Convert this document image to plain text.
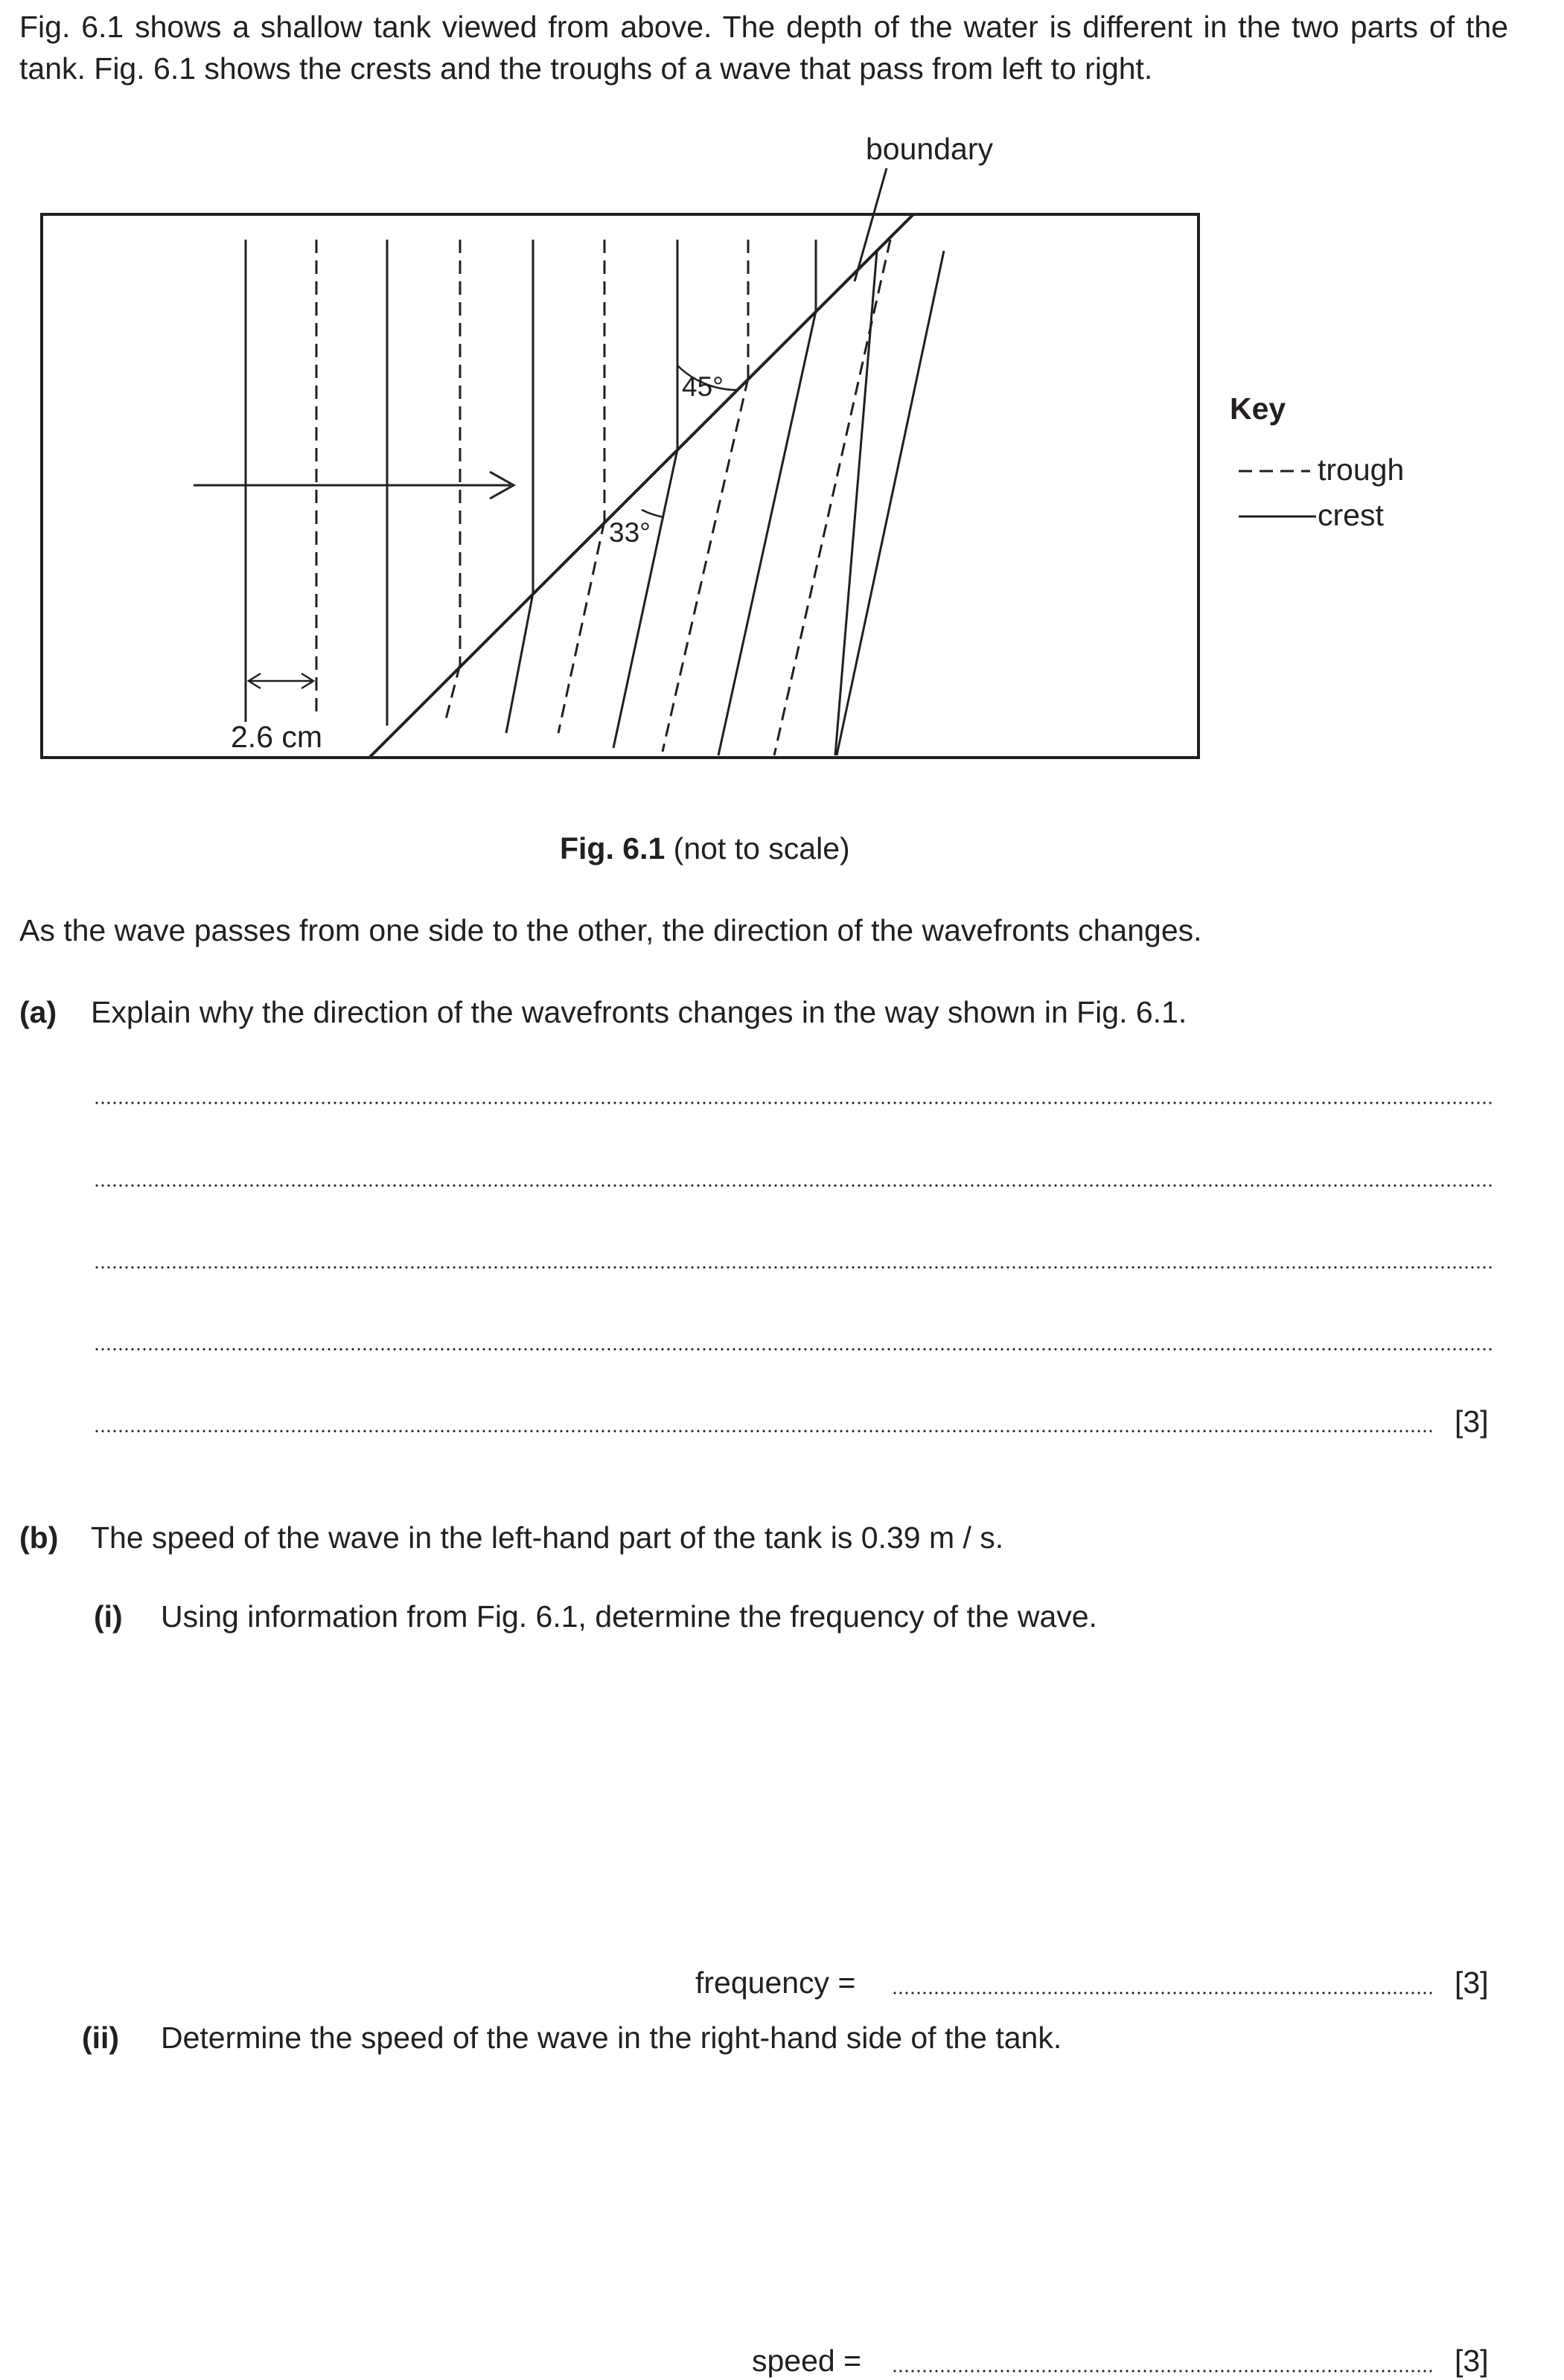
Fig. 6.1 shows a shallow tank viewed from above. The depth of the water is different in the two parts of the tank. Fig. 6.1 shows the crests and the troughs of a wave that pass from left to right.
boundary
45°
33°
2.6 cm
Key
trough
crest
Fig. 6.1 (not to scale)
As the wave passes from one side to the other, the direction of the wavefronts changes.
(a) Explain why the direction of the wavefronts changes in the way shown in Fig. 6.1.
[3]
(b) The speed of the wave in the left-hand part of the tank is 0.39 m / s.
(i) Using information from Fig. 6.1, determine the frequency of the wave.
frequency =	[3]
(ii) Determine the speed of the wave in the right-hand side of the tank.
speed =	[3]
